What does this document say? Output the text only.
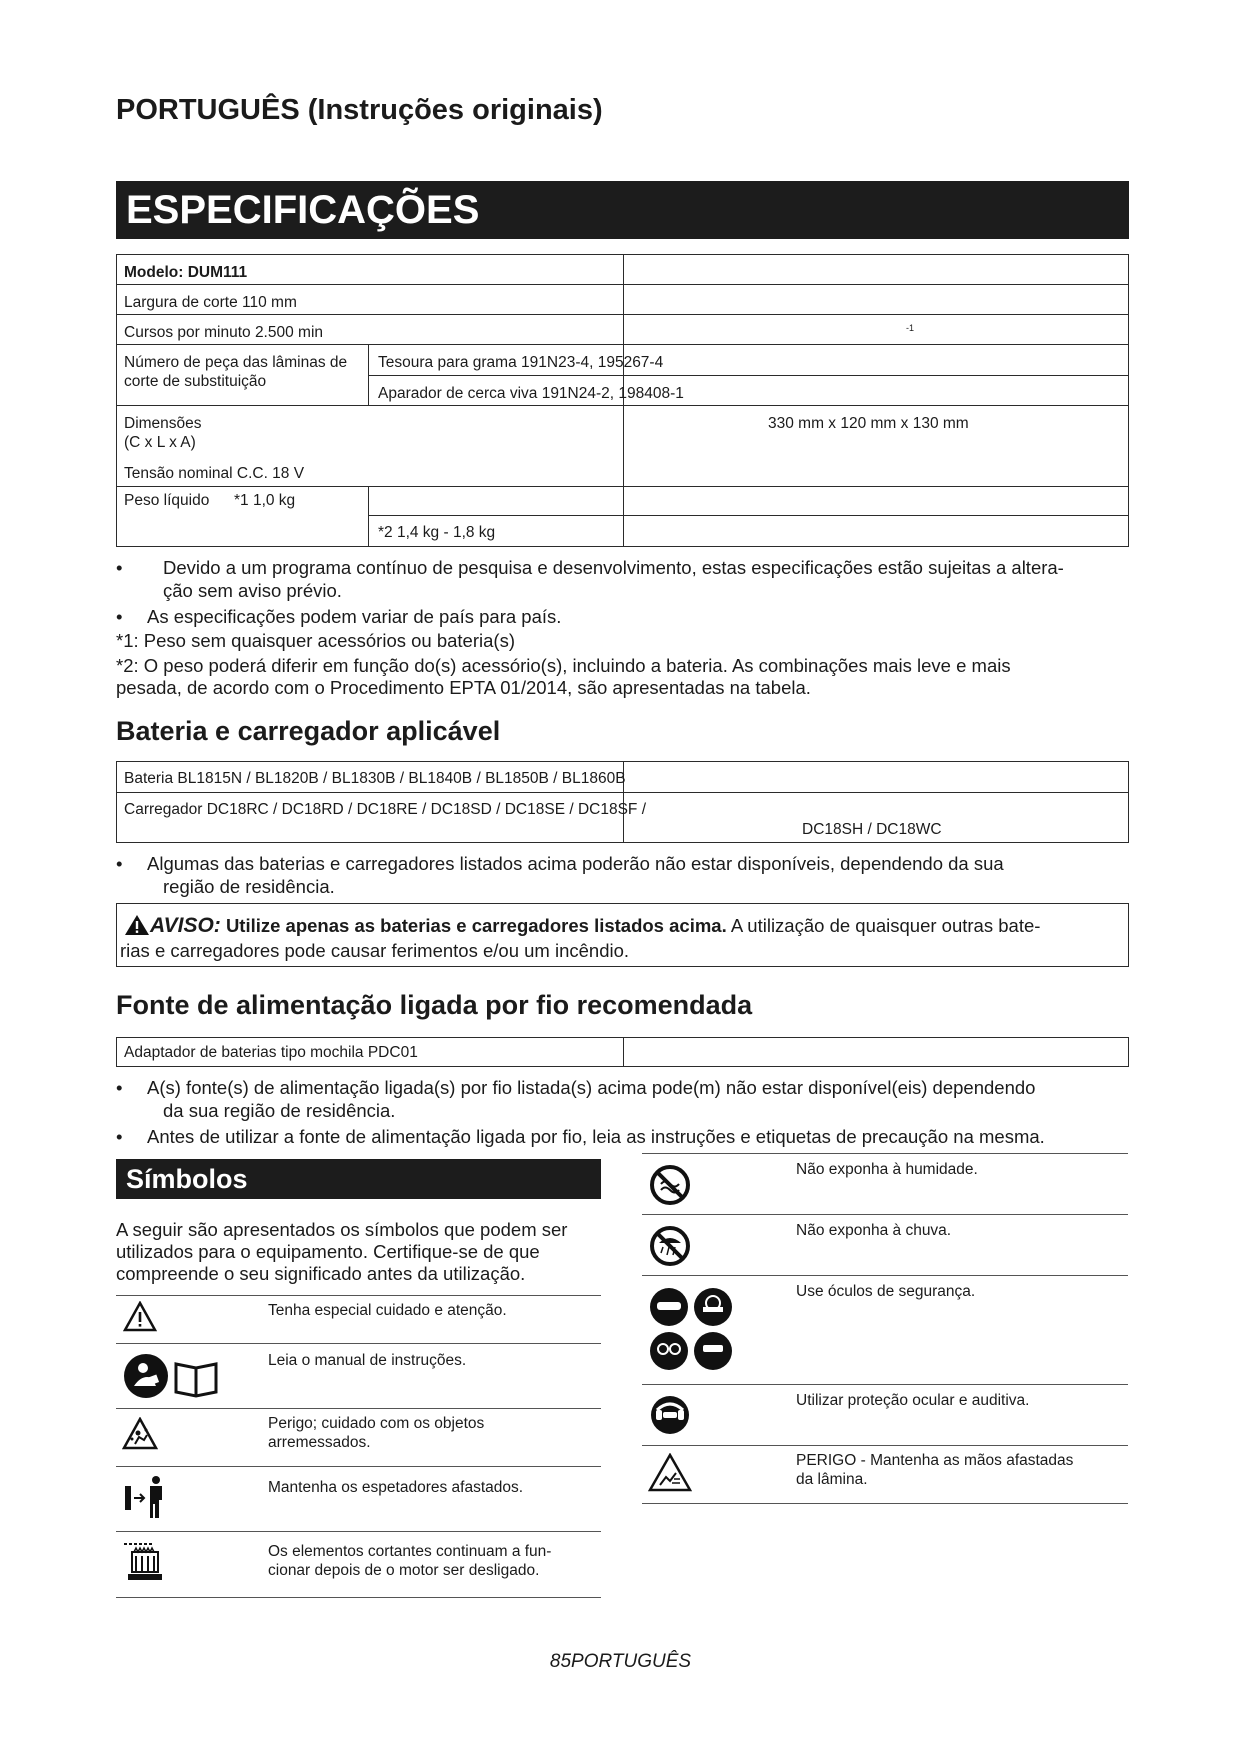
PORTUGUÊS (Instruções originais)
ESPECIFICAÇÕES
Modelo: DUM111
Largura de corte 110 mm
Cursos por minuto 2.500 min	-1
Número de peça das lâminas de corte de substituição
Tesoura para grama 191N23-4, 195267-4
Aparador de cerca viva 191N24-2, 198408-1
Dimensões
(C x L x A)
330 mm x 120 mm x 130 mm
Tensão nominal C.C. 18 V
Peso líquido *1 1,0 kg
*2 1,4 kg - 1,8 kg
• Devido a um programa contínuo de pesquisa e desenvolvimento, estas especificações estão sujeitas a altera-
ção sem aviso prévio.
• As especificações podem variar de país para país.
*1: Peso sem quaisquer acessórios ou bateria(s)
*2: O peso poderá diferir em função do(s) acessório(s), incluindo a bateria. As combinações mais leve e mais
pesada, de acordo com o Procedimento EPTA 01/2014, são apresentadas na tabela.
Bateria e carregador aplicável
Bateria BL1815N / BL1820B / BL1830B / BL1840B / BL1850B / BL1860B
Carregador DC18RC / DC18RD / DC18RE / DC18SD / DC18SE / DC18SF /
DC18SH / DC18WC
• Algumas das baterias e carregadores listados acima poderão não estar disponíveis, dependendo da sua
região de residência.
AVISO: Utilize apenas as baterias e carregadores listados acima. A utilização de quaisquer outras bate-
rias e carregadores pode causar ferimentos e/ou um incêndio.
Fonte de alimentação ligada por fio recomendada
Adaptador de baterias tipo mochila PDC01
• A(s) fonte(s) de alimentação ligada(s) por fio listada(s) acima pode(m) não estar disponível(eis) dependendo
da sua região de residência.
• Antes de utilizar a fonte de alimentação ligada por fio, leia as instruções e etiquetas de precaução na mesma.
Símbolos
A seguir são apresentados os símbolos que podem ser
utilizados para o equipamento. Certifique-se de que
compreende o seu significado antes da utilização.
Tenha especial cuidado e atenção.
Leia o manual de instruções.
Perigo; cuidado com os objetos
arremessados.
Mantenha os espetadores afastados.
Os elementos cortantes continuam a fun-
cionar depois de o motor ser desligado.
Não exponha à humidade.
Não exponha à chuva.
Use óculos de segurança.
Utilizar proteção ocular e auditiva.
PERIGO - Mantenha as mãos afastadas
da lâmina.
85PORTUGUÊS
